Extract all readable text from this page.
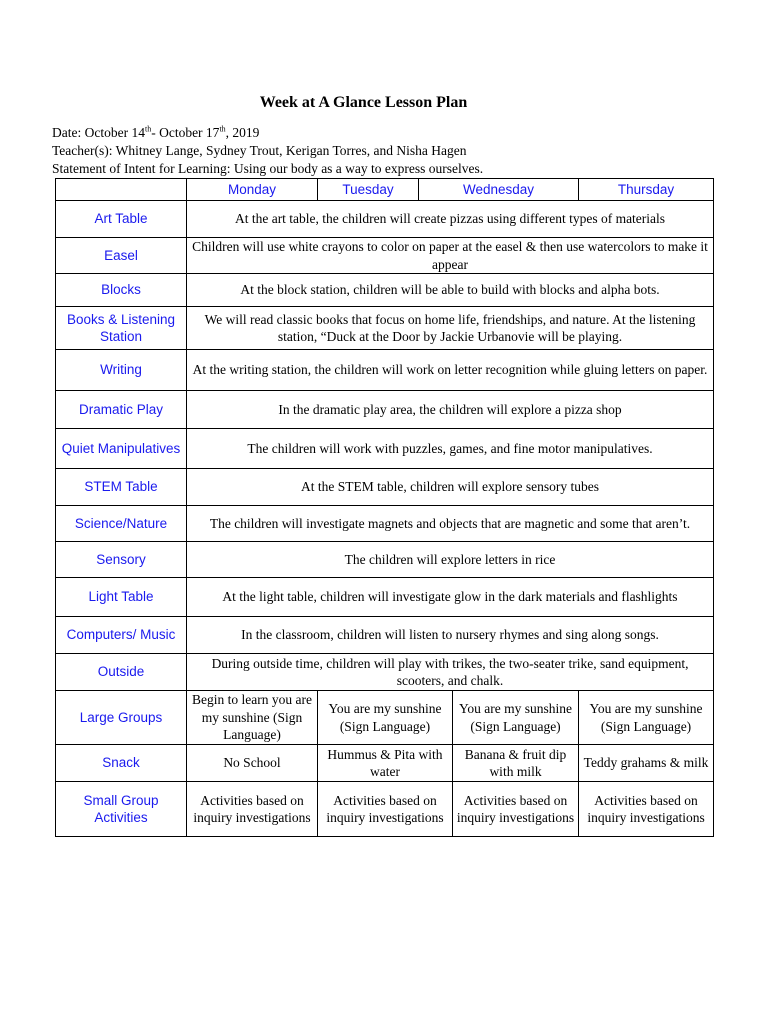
Week at A Glance Lesson Plan
Date: October 14th- October 17th, 2019
Teacher(s): Whitney Lange, Sydney Trout, Kerigan Torres, and Nisha Hagen
Statement of Intent for Learning: Using our body as a way to express ourselves.
	Monday	Tuesday	Wednesday		Thursday
Art Table	At the art table, the children will create pizzas using different types of materials				
Easel	Children will use white crayons to color on paper at the easel & then use watercolors to make it appear				
Blocks	At the block station, children will be able to build with blocks and alpha bots.				
Books & Listening Station	We will read classic books that focus on home life, friendships, and nature. At the listening station, “Duck at the Door by Jackie Urbanovie will be playing.				
Writing	At the writing station, the children will work on letter recognition while gluing letters on paper.				
Dramatic Play	In the dramatic play area, the children will explore a pizza shop				
Quiet Manipulatives	The children will work with puzzles, games, and fine motor manipulatives.				
STEM Table	At the STEM table, children will explore sensory tubes				
Science/Nature	The children will investigate magnets and objects that are magnetic and some that aren’t.				
Sensory	The children will explore letters in rice				
Light Table	At the light table, children will investigate glow in the dark materials and flashlights				
Computers/ Music	In the classroom, children will listen to nursery rhymes and sing along songs.				
Outside	During outside time, children will play with trikes, the two-seater trike, sand equipment, scooters, and chalk.				
Large Groups	Begin to learn you are my sunshine (Sign Language)	You are my sunshine (Sign Language)		You are my sunshine (Sign Language)	You are my sunshine (Sign Language)
Snack	No School	Hummus & Pita with water		Banana & fruit dip with milk	Teddy grahams & milk
Small Group Activities	Activities based on inquiry investigations	Activities based on inquiry investigations		Activities based on inquiry investigations	Activities based on inquiry investigations
